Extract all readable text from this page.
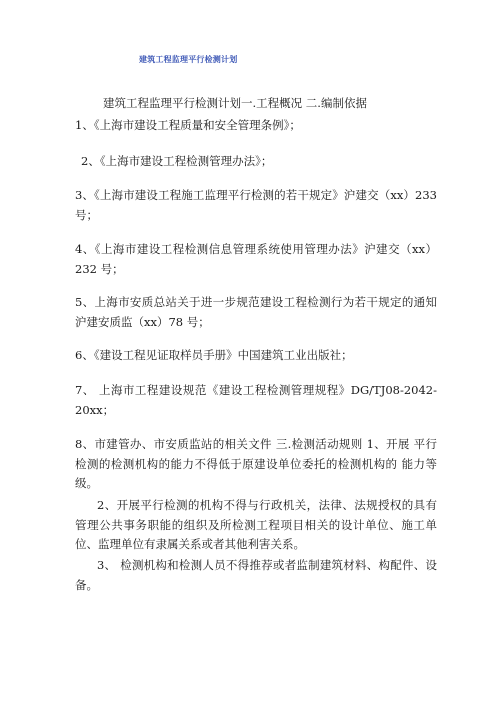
建筑工程监理平行检测计划
建筑工程监理平行检测计划一.工程概况 二.编制依据
1、《上海市建设工程质量和安全管理条例》；
2、《上海市建设工程检测管理办法》；
3、《上海市建设工程施工监理平行检测的若干规定》沪建交（xx）233 号；
4、《上海市建设工程检测信息管理系统使用管理办法》沪建交（xx） 232 号；
5、上海市安质总站关于进一步规范建设工程检测行为若干规定的通知沪建安质监（xx）78 号；
6、《建设工程见证取样员手册》中国建筑工业出版社；
7、 上海市工程建设规范《建设工程检测管理规程》DG/TJ08-2042-20xx；
8、市建管办、市安质监站的相关文件 三.检测活动规则 1、开展 平行检测的检测机构的能力不得低于原建设单位委托的检测机构的 能力等级。
2、开展平行检测的机构不得与行政机关，法律、法规授权的具有管理公共事务职能的组织及所检测工程项目相关的设计单位、施工单位、监理单位有隶属关系或者其他利害关系。
3、 检测机构和检测人员不得推荐或者监制建筑材料、构配件、设备。
